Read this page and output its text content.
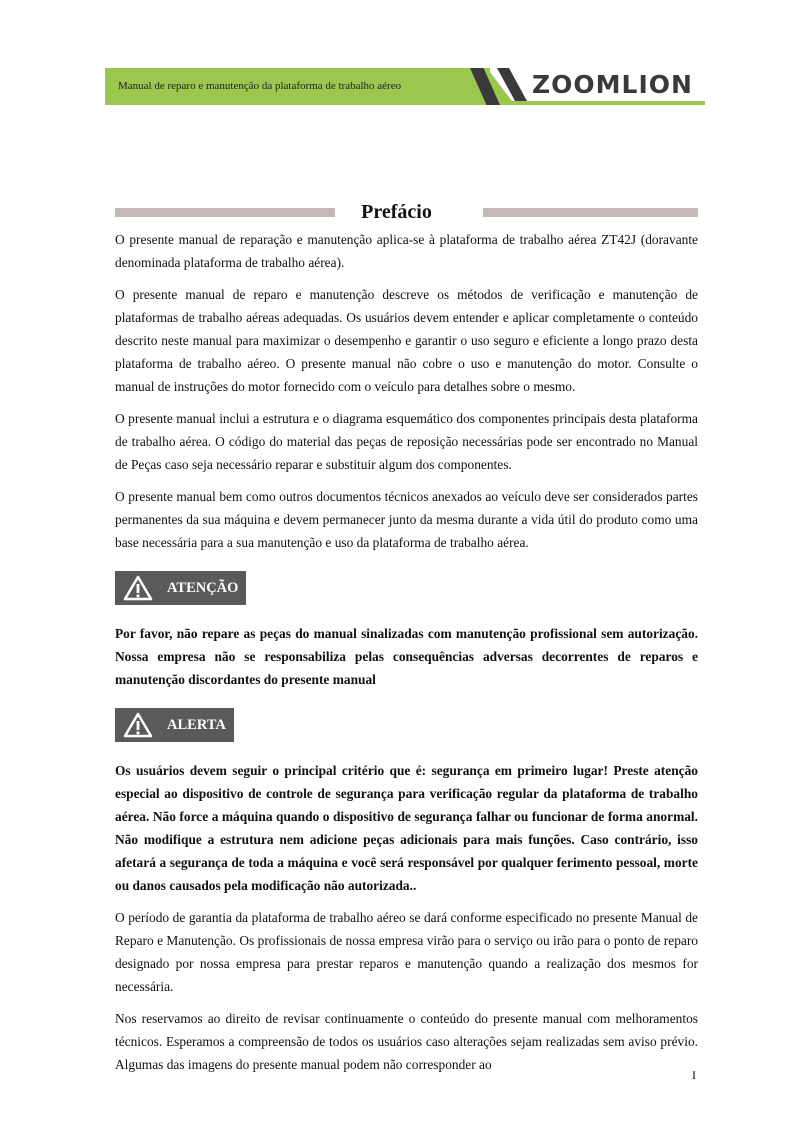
Manual de reparo e manutenção da plataforma de trabalho aéreo	ZOOMLION
Prefácio

O presente manual de reparação e manutenção aplica-se à plataforma de trabalho aérea ZT42J (doravante denominada plataforma de trabalho aérea).

O presente manual de reparo e manutenção descreve os métodos de verificação e manutenção de plataformas de trabalho aéreas adequadas. Os usuários devem entender e aplicar completamente o conteúdo descrito neste manual para maximizar o desempenho e garantir o uso seguro e eficiente a longo prazo desta plataforma de trabalho aéreo. O presente manual não cobre o uso e manutenção do motor. Consulte o manual de instruções do motor fornecido com o veículo para detalhes sobre o mesmo.

O presente manual inclui a estrutura e o diagrama esquemático dos componentes principais desta plataforma de trabalho aérea. O código do material das peças de reposição necessárias pode ser encontrado no Manual de Peças caso seja necessário reparar e substituir algum dos componentes.

O presente manual bem como outros documentos técnicos anexados ao veículo deve ser considerados partes permanentes da sua máquina e devem permanecer junto da mesma durante a vida útil do produto como uma base necessária para a sua manutenção e uso da plataforma de trabalho aérea.

ATENÇÃO

Por favor, não repare as peças do manual sinalizadas com manutenção profissional sem autorização. Nossa empresa não se responsabiliza pelas consequências adversas decorrentes de reparos e manutenção discordantes do presente manual

ALERTA

Os usuários devem seguir o principal critério que é: segurança em primeiro lugar! Preste atenção especial ao dispositivo de controle de segurança para verificação regular da plataforma de trabalho aérea. Não force a máquina quando o dispositivo de segurança falhar ou funcionar de forma anormal. Não modifique a estrutura nem adicione peças adicionais para mais funções. Caso contrário, isso afetará a segurança de toda a máquina e você será responsável por qualquer ferimento pessoal, morte ou danos causados pela modificação não autorizada..

O período de garantia da plataforma de trabalho aéreo se dará conforme especificado no presente Manual de Reparo e Manutenção. Os profissionais de nossa empresa virão para o serviço ou irão para o ponto de reparo designado por nossa empresa para prestar reparos e manutenção quando a realização dos mesmos for necessária.

Nos reservamos ao direito de revisar continuamente o conteúdo do presente manual com melhoramentos técnicos. Esperamos a compreensão de todos os usuários caso alterações sejam realizadas sem aviso prévio. Algumas das imagens do presente manual podem não corresponder ao

I
